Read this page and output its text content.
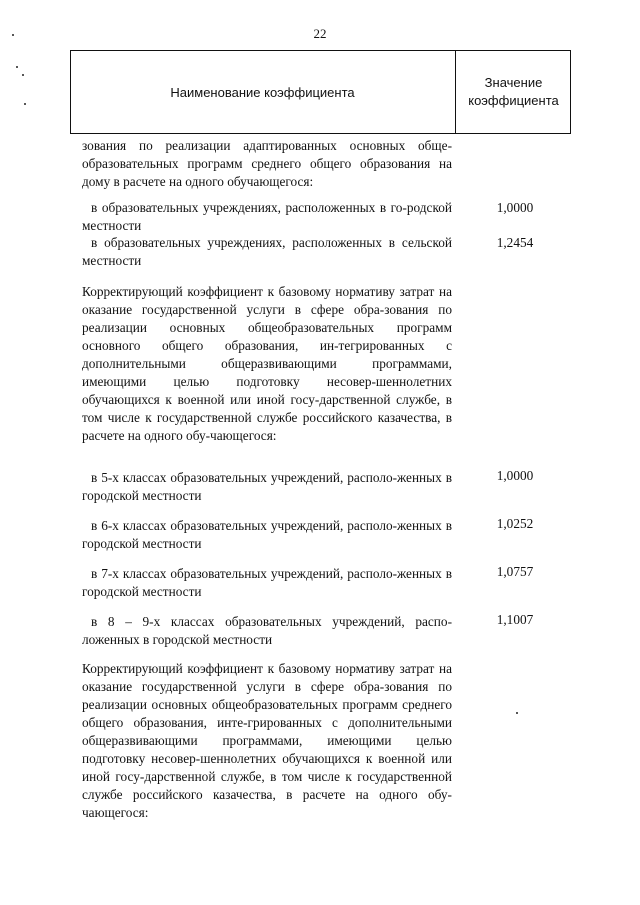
22
Наименование коэффициента
Значение
коэффициента
зования по реализации адаптированных основных обще-образовательных программ среднего общего образования на дому в расчете на одного обучающегося:
в образовательных учреждениях, расположенных в го-родской местности
1,0000
в образовательных учреждениях, расположенных в сельской местности
1,2454
Корректирующий коэффициент к базовому нормативу затрат на оказание государственной услуги в сфере обра-зования по реализации основных общеобразовательных программ основного общего образования, ин-тегрированных с дополнительными общеразвивающими программами, имеющими целью подготовку несовер-шеннолетних обучающихся к военной или иной госу-дарственной службе, в том числе к государственной службе российского казачества, в расчете на одного обу-чающегося:
в 5-х классах образовательных учреждений, располо-женных в городской местности
1,0000
в 6-х классах образовательных учреждений, располо-женных в городской местности
1,0252
в 7-х классах образовательных учреждений, располо-женных в городской местности
1,0757
в 8 – 9-х классах образовательных учреждений, распо-ложенных в городской местности
1,1007
Корректирующий коэффициент к базовому нормативу затрат на оказание государственной услуги в сфере обра-зования по реализации основных общеобразовательных программ среднего общего образования, инте-грированных с дополнительными общеразвивающими программами, имеющими целью подготовку несовер-шеннолетних обучающихся к военной или иной госу-дарственной службе, в том числе к государственной службе российского казачества, в расчете на одного обу-чающегося:
